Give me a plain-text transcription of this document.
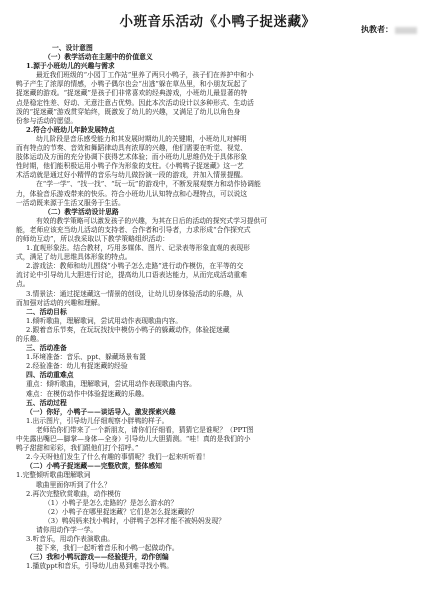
小班音乐活动《小鸭子捉迷藏》	执教者：
一、设计意图
（一）教学活动在主题中的价值意义
1.源于小班幼儿的兴趣与需求
最近我们班级的“小园丁工作站”里养了两只小鸭子，孩子们在养护中和小
鸭子产生了浓厚的情感，小鸭子偶尔也会“出逃”躲在草丛里，和小朋友玩起了
捉迷藏的游戏。“捉迷藏”是孩子们非常喜欢的经典游戏，小班幼儿最显著的特
点是稳定性差、好动、无意注意占优势。因此本次活动设计以多种形式、生动活
泼的“捉迷藏”游戏贯穿始终，既激发了幼儿的兴趣，又满足了幼儿以角色身
份参与活动的愿望。
2.符合小班幼儿年龄发展特点
幼儿阶段是音乐感受能力和其发展时期幼儿的关键期，小班幼儿对鲜明
而有特点的节奏、音效和舞蹈律动具有浓厚的兴趣，他们需要在听觉、视觉、
肢体运动及方面的充分协调下获得艺术体验；而小班幼儿思维仍处于具体形象
性时期，他们能积极运用小鸭子作为形象的支柱。《小鸭鸭子捉迷藏》这一艺
术活动就是通过好小精悍的音乐与幼儿做扮演一段的游戏，并加入情景提醒。
在“学一学”、“找一找”、“玩一玩”的游戏中，不断发展观察力和动作协调能
力，体验音乐游戏带来的快乐。符合小班幼儿认知特点和心理特点，可以说这
一活动既来源于生活又服务于生活。
（二）教学活动设计思路
有效的教学策略可以激发孩子的兴趣，为其在日后的活动的探究式学习提供可
能，老师应该充当幼儿活动的支持者、合作者和引导者，力求形成“合作探究式
的师幼互动”，所以我采取以下教学策略组织活动：
1.直观形象法。结合教材，巧用多媒体、图片、记录表等形象直观的表现形
式，满足了幼儿思维具体形象的特点。
2.游戏法：教师和幼儿围绕“小鸭子怎么走路”进行动作模仿，在平等的交
流讨论中引导幼儿大胆进行讨论，提高幼儿口语表达能力，从而完成活动重难
点。
3.情景法：通过捉迷藏这一情景的创设，让幼儿切身体验活动的乐趣，从
而加强对活动的兴趣和理解。
二、活动目标
1.倾听歌曲，理解歌词，尝试用动作表现歌曲内容。
2.跟着音乐节奏，在玩玩找找中模仿小鸭子的躲藏动作，体验捉迷藏
的乐趣。
三、活动准备
1.环境准备：音乐、ppt、躲藏场景布置
2.经验准备：幼儿有捉迷藏的经验
四、活动重难点
重点：倾听歌曲，理解歌词，尝试用动作表现歌曲内容。
难点：在模仿动作中体验捉迷藏的乐趣。
五、活动过程
（一）你好，小鸭子——谈话导入，激发探索兴趣
1.出示图片，引导幼儿仔细观察小胖鸭的样子。
老师给你们带来了一个新朋友，请你们仔细看，猜猜它是谁呢？（PPT图
中先露出嘴巴—脚掌—身体—全身）引导幼儿大胆猜测。“哇！真的是我们的小
鸭子甜甜和彩彩，我们跟他们打个招呼。”
2.今天呀他们发生了什么有趣的事情呢？我们一起来听听看！
（二）小鸭子捉迷藏——完整欣赏，整体感知
1.完整倾听歌曲理解歌词
歌曲里面你听到了什么？
2.再次完整欣赏歌曲，动作模仿
（1）小鸭子是怎么走路的？是怎么游水的？
（2）小鸭子在哪里捉迷藏？它们是怎么捉迷藏的？
（3）鸭妈妈来找小鸭时，小胖鸭子怎样才能不被妈妈发现？
请你用动作学一学。
3.听音乐，用动作表演歌曲。
接下来，我们一起听着音乐和小鸭一起做动作。
（三）我和小鸭玩游戏——经验提升，动作创编
1.播放ppt和音乐，引导幼儿由易到难寻找小鸭。
